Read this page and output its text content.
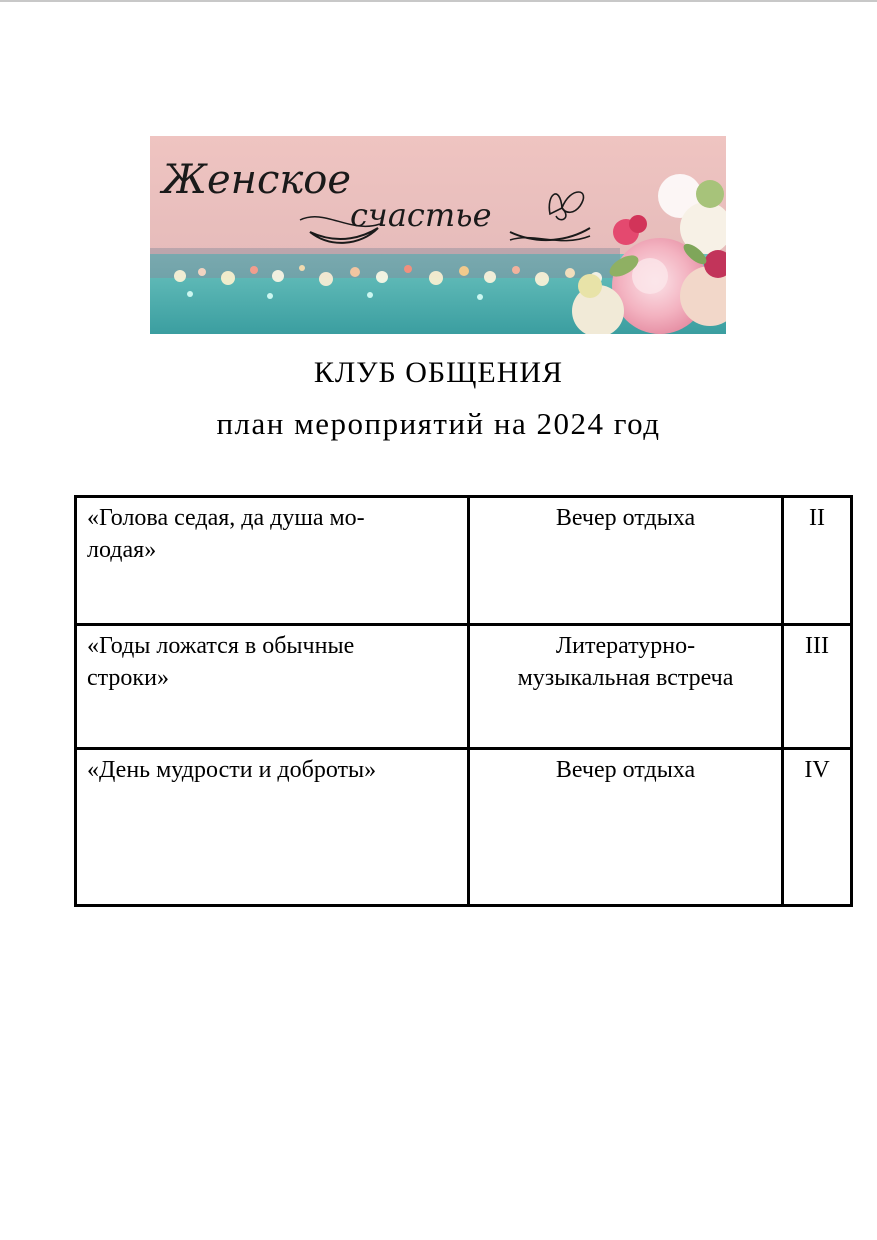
Женское
счастье
КЛУБ ОБЩЕНИЯ
план мероприятий на 2024 год
«Голова седая, да душа мо-
лодая»	Вечер отдыха	II
«Годы ложатся в обычные
строки»	Литературно-
музыкальная встреча	III
«День мудрости и доброты»	Вечер отдыха	IV
